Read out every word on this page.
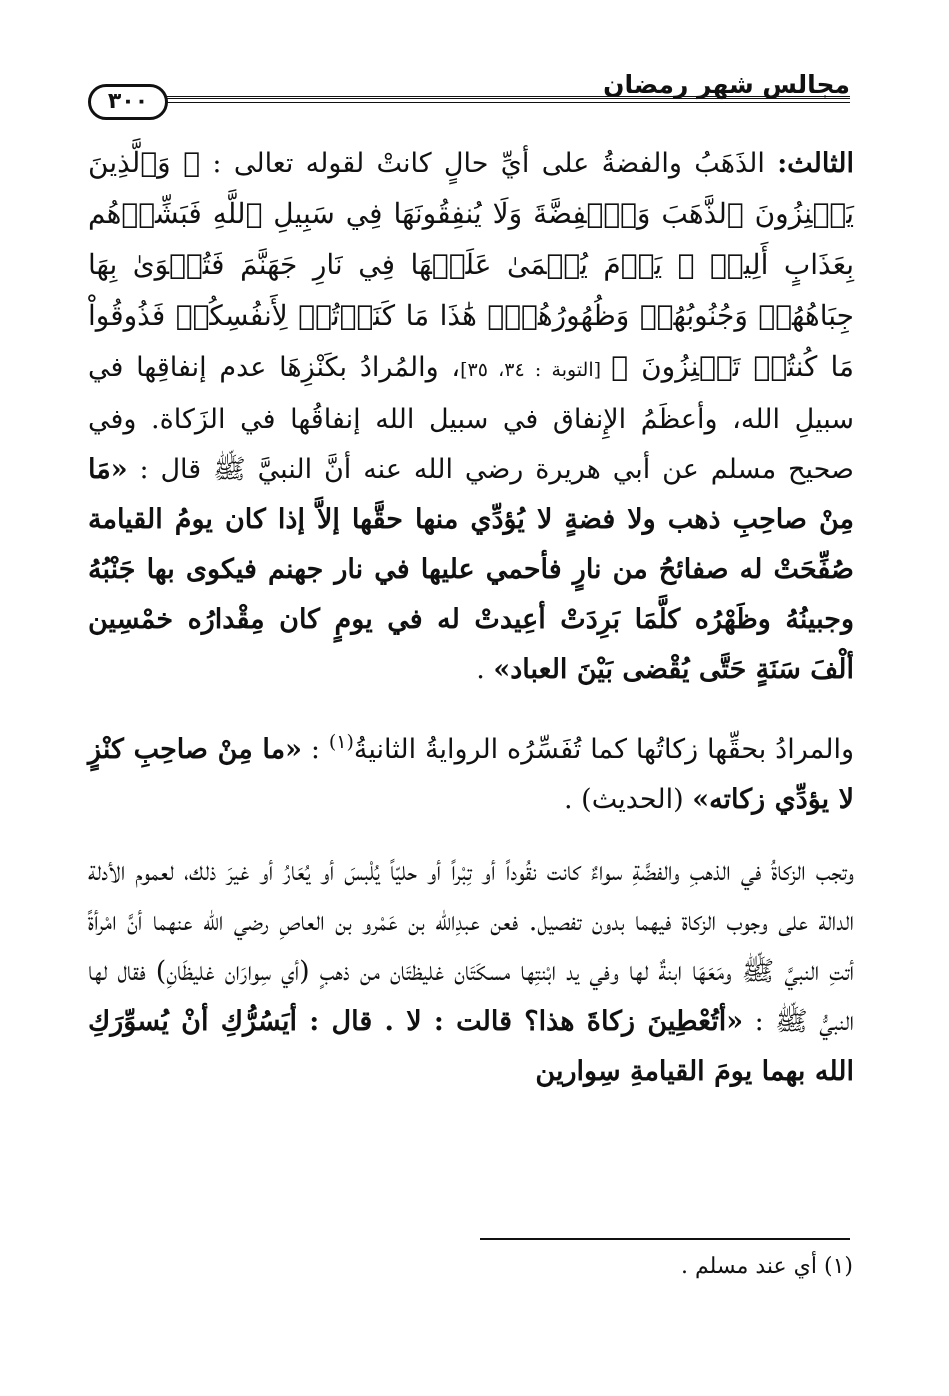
مجالس شهر رمضان
٣٠٠

الثالث: الذَهَبُ والفضةُ على أيِّ حالٍ كانتْ لقوله تعالى : ﴿ وَٱلَّذِينَ يَكۡنِزُونَ ٱلذَّهَبَ وَٱلۡفِضَّةَ وَلَا يُنفِقُونَهَا فِي سَبِيلِ ٱللَّهِ فَبَشِّرۡهُم بِعَذَابٍ أَلِيمٖ ۞ يَوۡمَ يُحۡمَىٰ عَلَيۡهَا فِي نَارِ جَهَنَّمَ فَتُكۡوَىٰ بِهَا جِبَاهُهُمۡ وَجُنُوبُهُمۡ وَظُهُورُهُمۡۖ هَٰذَا مَا كَنَزۡتُمۡ لِأَنفُسِكُمۡ فَذُوقُواْ مَا كُنتُمۡ تَكۡنِزُونَ ﴾ [التوبة : ٣٤، ٣٥]، والمُرادُ بكَنْزِهَا عدم إنفاقِها في سبيلِ الله، وأعظَمُ الإِنفاق في سبيل الله إنفاقُها في الزَكاة. وفي صحيح مسلم عن أبي هريرة رضي الله عنه أنَّ النبيَّ ﷺ قال : «مَا مِنْ صاحِبِ ذهب ولا فضةٍ لا يُؤدِّي منها حقَّها إلاَّ إذا كان يومُ القيامة صُفِّحَتْ له صفائحُ من نارٍ فأحمي عليها في نار جهنم فيكوى بها جَنْبُهُ وجبينُهُ وظَهْرُه كلَّمَا بَرِدَتْ أعِيدتْ له في يومٍ كان مِقْدارُه خمْسِين ألْفَ سَنَةٍ حَتَّى يُقْضى بَيْنَ العباد» .

والمرادُ بحقِّها زكاتُها كما تُفَسِّرُه الروايةُ الثانيةُ$^{(١)}$ : «ما مِنْ صاحِبِ كنْزٍ لا يؤدِّي زكاته» (الحديث) .

وتجب الزكاةُ في الذهبِ والفضَّةِ سواءٌ كانت نقُوداً أو تِبْراً أو حليّاً يُلْبسَ أو يُعَارُ أو غيرَ ذلك، لعموم الأدلة الدالة على وجوب الزكاة فيهما بدون تفصيل. فعن عبدِالله بن عَمْرو بن العاصِ رضي الله عنهما أنَّ امْرأةً أتتِ النبيَّ ﷺ ومَعَهَا ابنةٌ لها وفي يد ابْنتِها مسكَتَان غليظتَان من ذهبٍ (أي سِوارَان غليظَانِ) فقال لها النبيُّ ﷺ : «أتُعْطِينَ زكاةَ هذا؟ قالت : لا . قال : أيَسُرُّكِ أنْ يُسوِّرَكِ الله بهما يومَ القيامةِ سِوارين

(١) أي عند مسلم .
